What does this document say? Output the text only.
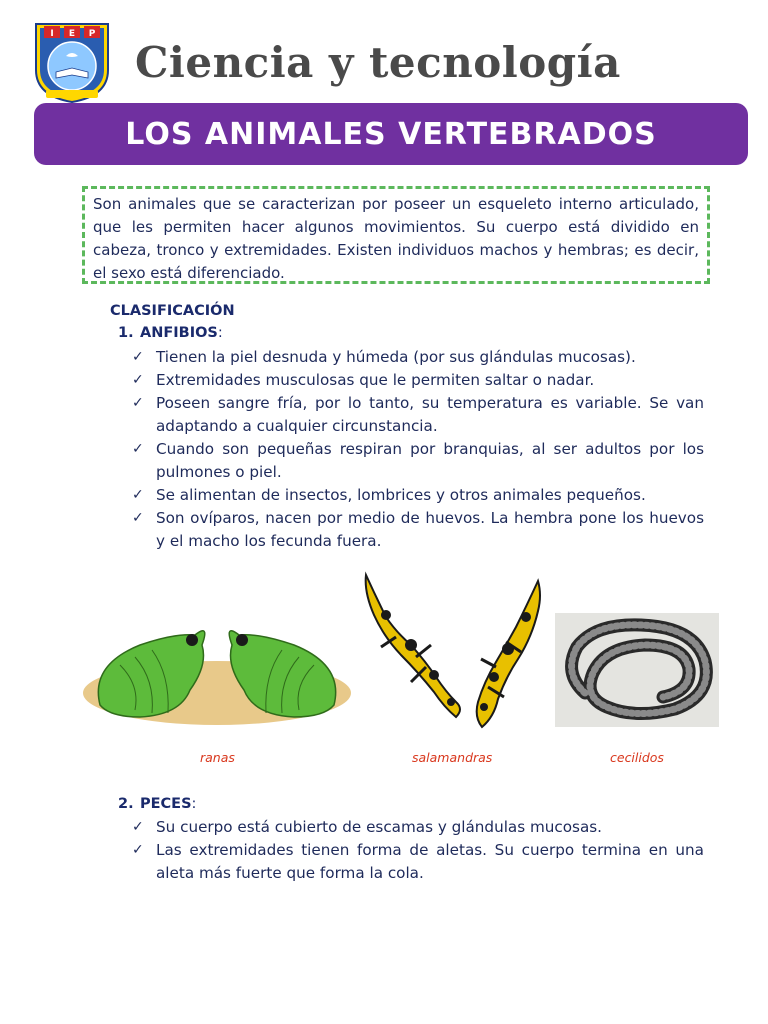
I E P
Ciencia y tecnología
LOS ANIMALES VERTEBRADOS

Son animales que se caracterizan por poseer un esqueleto interno articulado, que les permiten hacer algunos movimientos. Su cuerpo está dividido en cabeza, tronco y extremidades. Existen individuos machos y hembras; es decir, el sexo está diferenciado.

CLASIFICACIÓN
1. ANFIBIOS:
✓ Tienen la piel desnuda y húmeda (por sus glándulas mucosas).
✓ Extremidades musculosas que le permiten saltar o nadar.
✓ Poseen sangre fría, por lo tanto, su temperatura es variable. Se van adaptando a cualquier circunstancia.
✓ Cuando son pequeñas respiran por branquias, al ser adultos por los pulmones o piel.
✓ Se alimentan de insectos, lombrices y otros animales pequeños.
✓ Son ovíparos, nacen por medio de huevos. La hembra pone los huevos y el macho los fecunda fuera.
ranas	salamandras	cecilidos
2. PECES:
✓ Su cuerpo está cubierto de escamas y glándulas mucosas.
✓ Las extremidades tienen forma de aletas. Su cuerpo termina en una aleta más fuerte que forma la cola.
